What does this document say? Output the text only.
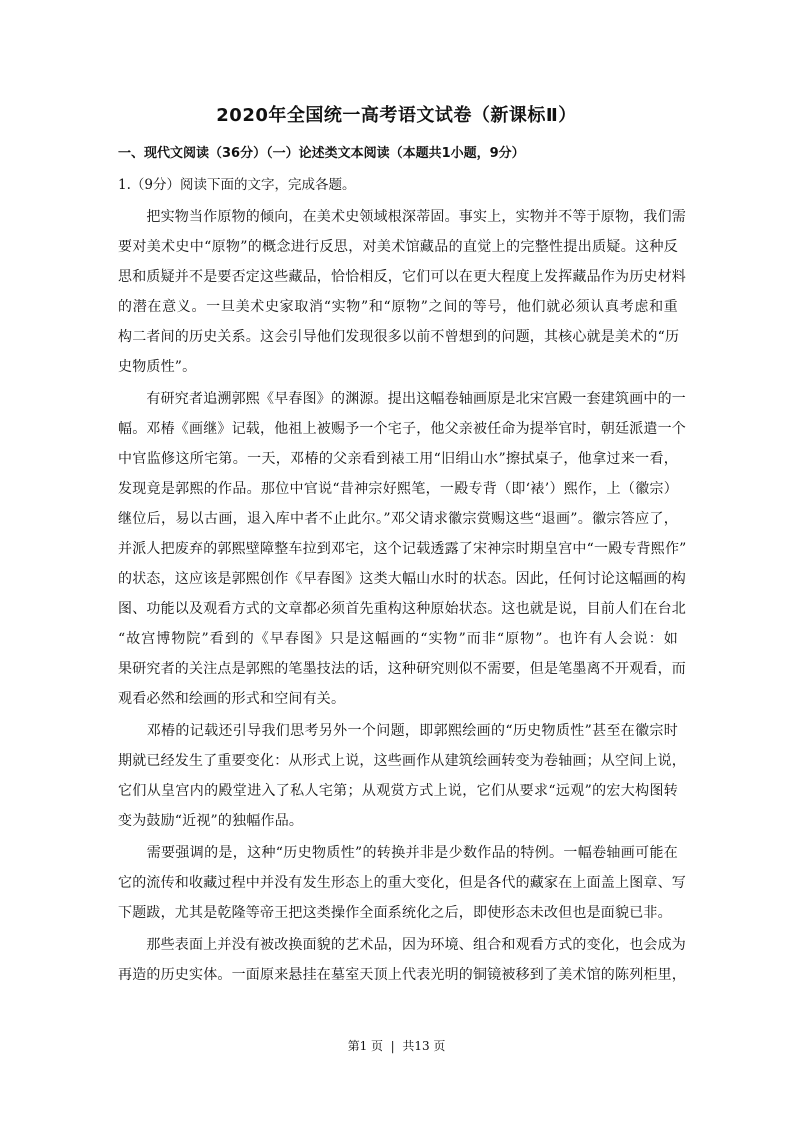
2020年全国统一高考语文试卷（新课标Ⅱ）
一、现代文阅读（36分）（一）论述类文本阅读（本题共1小题，9分）
1.（9分）阅读下面的文字，完成各题。
　　把实物当作原物的倾向，在美术史领域根深蒂固。事实上，实物并不等于原物，我们需
要对美术史中“原物”的概念进行反思，对美术馆藏品的直觉上的完整性提出质疑。这种反
思和质疑并不是要否定这些藏品，恰恰相反，它们可以在更大程度上发挥藏品作为历史材料
的潜在意义。一旦美术史家取消“实物”和“原物”之间的等号，他们就必须认真考虑和重
构二者间的历史关系。这会引导他们发现很多以前不曾想到的问题，其核心就是美术的“历
史物质性”。
　　有研究者追溯郭熙《早春图》的渊源。提出这幅卷轴画原是北宋宫殿一套建筑画中的一
幅。邓椿《画继》记载，他祖上被赐予一个宅子，他父亲被任命为提举官时，朝廷派遣一个
中官监修这所宅第。一天，邓椿的父亲看到裱工用“旧绢山水”擦拭桌子，他拿过来一看，
发现竟是郭熙的作品。那位中官说“昔神宗好熙笔，一殿专背（即‘裱’）熙作，上（徽宗）
继位后，易以古画，退入库中者不止此尔。”邓父请求徽宗赏赐这些“退画”。徽宗答应了，
并派人把废弃的郭熙壁障整车拉到邓宅，这个记载透露了宋神宗时期皇宫中“一殿专背熙作”
的状态，这应该是郭熙创作《早春图》这类大幅山水时的状态。因此，任何讨论这幅画的构
图、功能以及观看方式的文章都必须首先重构这种原始状态。这也就是说，目前人们在台北
“故宫博物院”看到的《早春图》只是这幅画的“实物”而非“原物”。也许有人会说：如
果研究者的关注点是郭熙的笔墨技法的话，这种研究则似不需要，但是笔墨离不开观看，而
观看必然和绘画的形式和空间有关。
　　邓椿的记载还引导我们思考另外一个问题，即郭熙绘画的“历史物质性”甚至在徽宗时
期就已经发生了重要变化：从形式上说，这些画作从建筑绘画转变为卷轴画；从空间上说，
它们从皇宫内的殿堂进入了私人宅第；从观赏方式上说，它们从要求“远观”的宏大构图转
变为鼓励“近视”的独幅作品。
　　需要强调的是，这种“历史物质性”的转换并非是少数作品的特例。一幅卷轴画可能在
它的流传和收藏过程中并没有发生形态上的重大变化，但是各代的藏家在上面盖上图章、写
下题跋，尤其是乾隆等帝王把这类操作全面系统化之后，即使形态未改但也是面貌已非。
　　那些表面上并没有被改换面貌的艺术品，因为环境、组合和观看方式的变化，也会成为
再造的历史实体。一面原来悬挂在墓室天顶上代表光明的铜镜被移到了美术馆的陈列柜里，
第1 页  |  共13 页
